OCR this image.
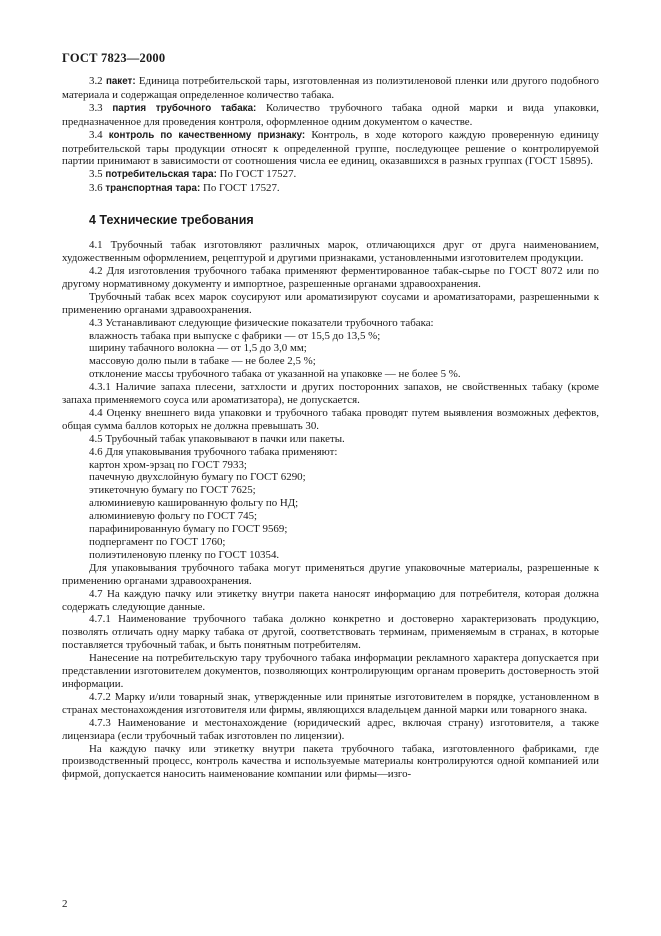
ГОСТ 7823—2000

3.2 пакет: Единица потребительской тары, изготовленная из полиэтиленовой пленки или другого подобного материала и содержащая определенное количество табака.

3.3 партия трубочного табака: Количество трубочного табака одной марки и вида упаковки, предназначенное для проведения контроля, оформленное одним документом о качестве.

3.4 контроль по качественному признаку: Контроль, в ходе которого каждую проверенную единицу потребительской тары продукции относят к определенной группе, последующее решение о контролируемой партии принимают в зависимости от соотношения числа ее единиц, оказавшихся в разных группах (ГОСТ 15895).

3.5 потребительская тара: По ГОСТ 17527.

3.6 транспортная тара: По ГОСТ 17527.

4 Технические требования

4.1 Трубочный табак изготовляют различных марок, отличающихся друг от друга наименованием, художественным оформлением, рецептурой и другими признаками, установленными изготовителем продукции.

4.2 Для изготовления трубочного табака применяют ферментированное табак-сырье по ГОСТ 8072 или по другому нормативному документу и импортное, разрешенные органами здравоохранения.

Трубочный табак всех марок соусируют или ароматизируют соусами и ароматизаторами, разрешенными к применению органами здравоохранения.

4.3 Устанавливают следующие физические показатели трубочного табака:

влажность табака при выпуске с фабрики — от 15,5 до 13,5 %;

ширину табачного волокна — от 1,5 до 3,0 мм;

массовую долю пыли в табаке — не более 2,5 %;

отклонение массы трубочного табака от указанной на упаковке — не более 5 %.

4.3.1 Наличие запаха плесени, затхлости и других посторонних запахов, не свойственных табаку (кроме запаха применяемого соуса или ароматизатора), не допускается.

4.4 Оценку внешнего вида упаковки и трубочного табака проводят путем выявления возможных дефектов, общая сумма баллов которых не должна превышать 30.

4.5 Трубочный табак упаковывают в пачки или пакеты.

4.6 Для упаковывания трубочного табака применяют:

картон хром-эрзац по ГОСТ 7933;

пачечную двухслойную бумагу по ГОСТ 6290;

этикеточную бумагу по ГОСТ 7625;

алюминиевую кашированную фольгу по НД;

алюминиевую фольгу по ГОСТ 745;

парафинированную бумагу по ГОСТ 9569;

подпергамент по ГОСТ 1760;

полиэтиленовую пленку по ГОСТ 10354.

Для упаковывания трубочного табака могут применяться другие упаковочные материалы, разрешенные к применению органами здравоохранения.

4.7 На каждую пачку или этикетку внутри пакета наносят информацию для потребителя, которая должна содержать следующие данные.

4.7.1 Наименование трубочного табака должно конкретно и достоверно характеризовать продукцию, позволять отличать одну марку табака от другой, соответствовать терминам, применяемым в странах, в которые поставляется трубочный табак, и быть понятным потребителям.

Нанесение на потребительскую тару трубочного табака информации рекламного характера допускается при представлении изготовителем документов, позволяющих контролирующим органам проверить достоверность этой информации.

4.7.2 Марку и/или товарный знак, утвержденные или принятые изготовителем в порядке, установленном в странах местонахождения изготовителя или фирмы, являющихся владельцем данной марки или товарного знака.

4.7.3 Наименование и местонахождение (юридический адрес, включая страну) изготовителя, а также лицензиара (если трубочный табак изготовлен по лицензии).

На каждую пачку или этикетку внутри пакета трубочного табака, изготовленного фабриками, где производственный процесс, контроль качества и используемые материалы контролируются одной компанией или фирмой, допускается наносить наименование компании или фирмы—изго-

2
